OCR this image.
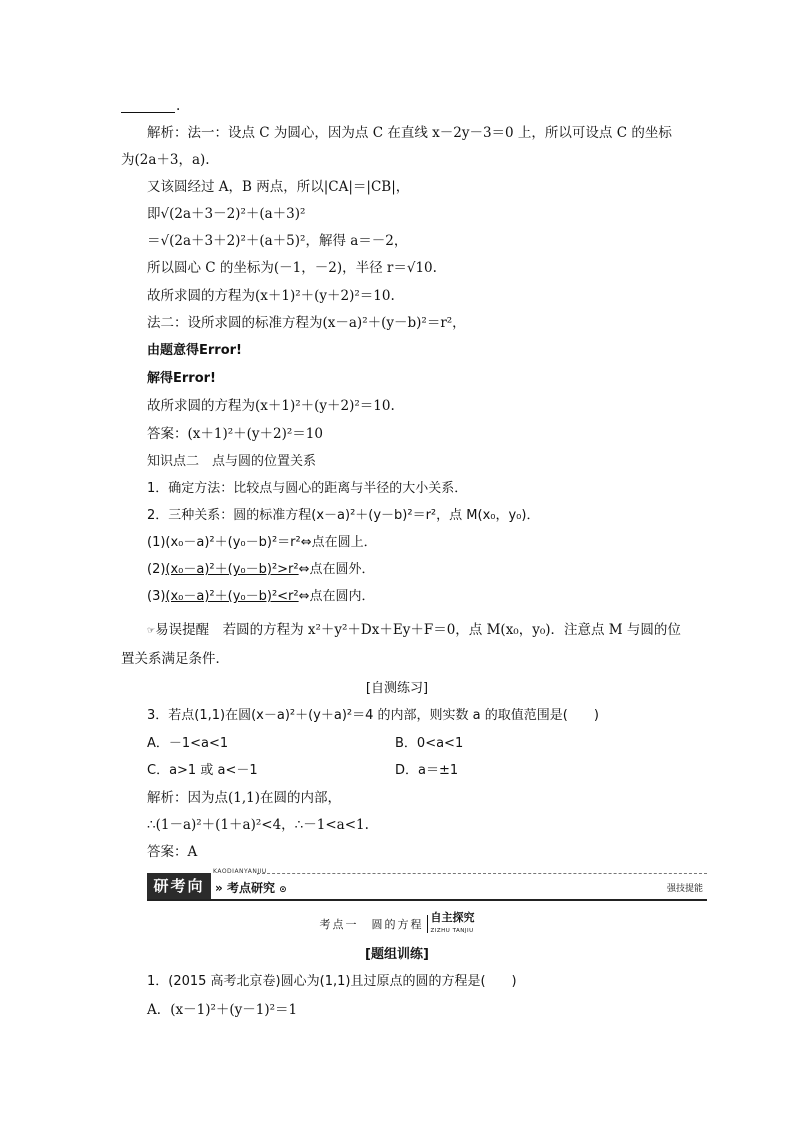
.
解析：法一：设点 C 为圆心，因为点 C 在直线 x－2y－3＝0 上，所以可设点 C 的坐标
为(2a＋3，a).
又该圆经过 A，B 两点，所以|CA|＝|CB|，
即√(2a＋3－2)²＋(a＋3)²
＝√(2a＋3＋2)²＋(a＋5)²，解得 a＝－2，
所以圆心 C 的坐标为(－1，－2)，半径 r＝√10.
故所求圆的方程为(x＋1)²＋(y＋2)²＝10.
法二：设所求圆的标准方程为(x－a)²＋(y－b)²＝r²，
由题意得Error!
解得Error!
故所求圆的方程为(x＋1)²＋(y＋2)²＝10.
答案：(x＋1)²＋(y＋2)²＝10
知识点二　点与圆的位置关系
1．确定方法：比较点与圆心的距离与半径的大小关系．
2．三种关系：圆的标准方程(x－a)²＋(y－b)²＝r²，点 M(x₀，y₀)．
(1)(x₀－a)²＋(y₀－b)²＝r²⇔点在圆上．
(2)(x₀－a)²＋(y₀－b)²>r²⇔点在圆外．
(3)(x₀－a)²＋(y₀－b)²<r²⇔点在圆内．
☞易误提醒　若圆的方程为 x²＋y²＋Dx＋Ey＋F＝0，点 M(x₀，y₀)．注意点 M 与圆的位
置关系满足条件．
[自测练习]
3．若点(1,1)在圆(x－a)²＋(y＋a)²＝4 的内部，则实数 a 的取值范围是(　　)
A．－1<a<1	B．0<a<1
C．a>1 或 a<－1	D．a＝±1
解析：因为点(1,1)在圆的内部，
∴(1－a)²＋(1＋a)²<4，∴－1<a<1.
答案：A
研考向
KAODIANYANJIU
» 考点研究 ⊙	强技提能
考点一　圆的方程自主探究
ZIZHU TANJIU
[题组训练]
1．(2015 高考北京卷)圆心为(1,1)且过原点的圆的方程是(　　)
A．(x－1)²＋(y－1)²＝1
